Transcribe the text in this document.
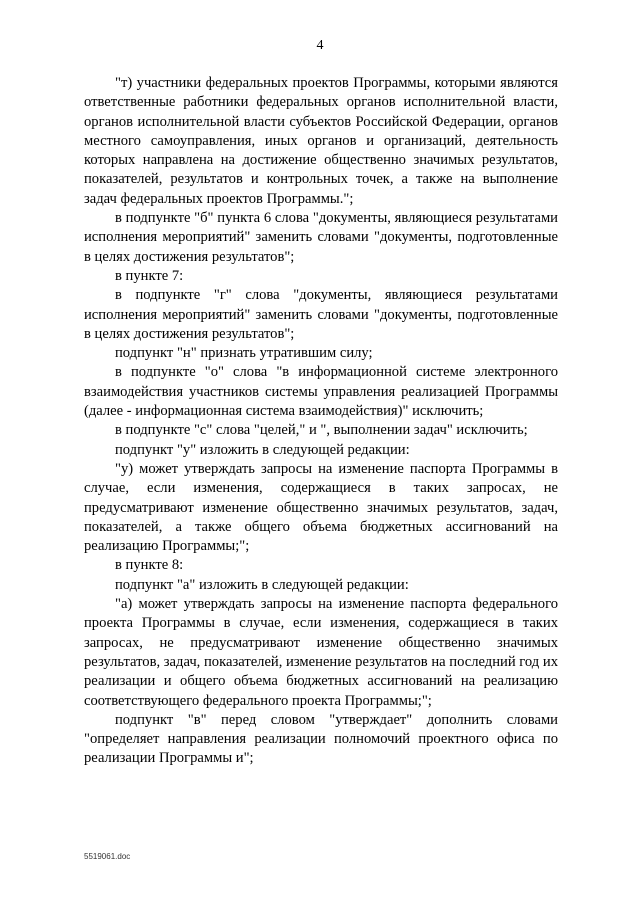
4

"т) участники федеральных проектов Программы, которыми являются ответственные работники федеральных органов исполнительной власти, органов исполнительной власти субъектов Российской Федерации, органов местного самоуправления, иных органов и организаций, деятельность которых направлена на достижение общественно значимых результатов, показателей, результатов и контрольных точек, а также на выполнение задач федеральных проектов Программы.";

в подпункте "б" пункта 6 слова "документы, являющиеся результатами исполнения мероприятий" заменить словами "документы, подготовленные в целях достижения результатов";

в пункте 7:

в подпункте "г" слова "документы, являющиеся результатами исполнения мероприятий" заменить словами "документы, подготовленные в целях достижения результатов";

подпункт "н" признать утратившим силу;

в подпункте "о" слова "в информационной системе электронного взаимодействия участников системы управления реализацией Программы (далее - информационная система взаимодействия)" исключить;

в подпункте "с" слова "целей," и ", выполнении задач" исключить;

подпункт "у" изложить в следующей редакции:

"у) может утверждать запросы на изменение паспорта Программы в случае, если изменения, содержащиеся в таких запросах, не предусматривают изменение общественно значимых результатов, задач, показателей, а также общего объема бюджетных ассигнований на реализацию Программы;";

в пункте 8:

подпункт "а" изложить в следующей редакции:

"а) может утверждать запросы на изменение паспорта федерального проекта Программы в случае, если изменения, содержащиеся в таких запросах, не предусматривают изменение общественно значимых результатов, задач, показателей, изменение результатов на последний год их реализации и общего объема бюджетных ассигнований на реализацию соответствующего федерального проекта Программы;";

подпункт "в" перед словом "утверждает" дополнить словами "определяет направления реализации полномочий проектного офиса по реализации Программы и";

5519061.doc
